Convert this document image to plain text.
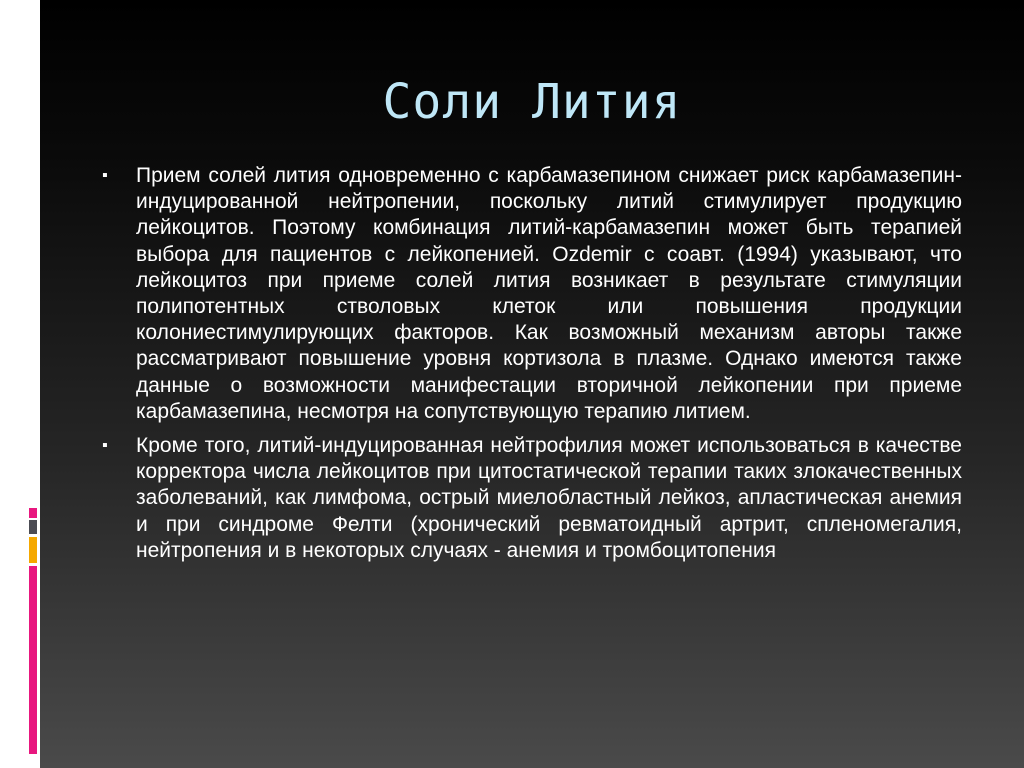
Соли Лития
▪ Прием солей лития одновременно с карбамазепином снижает риск карбамазепин-индуцированной нейтропении, поскольку литий стимулирует продукцию лейкоцитов. Поэтому комбинация литий-карбамазепин может быть терапией выбора для пациентов с лейкопенией. Ozdemir с соавт. (1994) указывают, что лейкоцитоз при приеме солей лития возникает в результате стимуляции полипотентных стволовых клеток или повышения продукции колониестимулирующих факторов. Как возможный механизм авторы также рассматривают повышение уровня кортизола в плазме. Однако имеются также данные о возможности манифестации вторичной лейкопении при приеме карбамазепина, несмотря на сопутствующую терапию литием.
▪ Кроме того, литий-индуцированная нейтрофилия может использоваться в качестве корректора числа лейкоцитов при цитостатической терапии таких злокачественных заболеваний, как лимфома, острый миелобластный лейкоз, апластическая анемия и при синдроме Фелти (хронический ревматоидный артрит, спленомегалия, нейтропения и в некоторых случаях - анемия и тромбоцитопения
